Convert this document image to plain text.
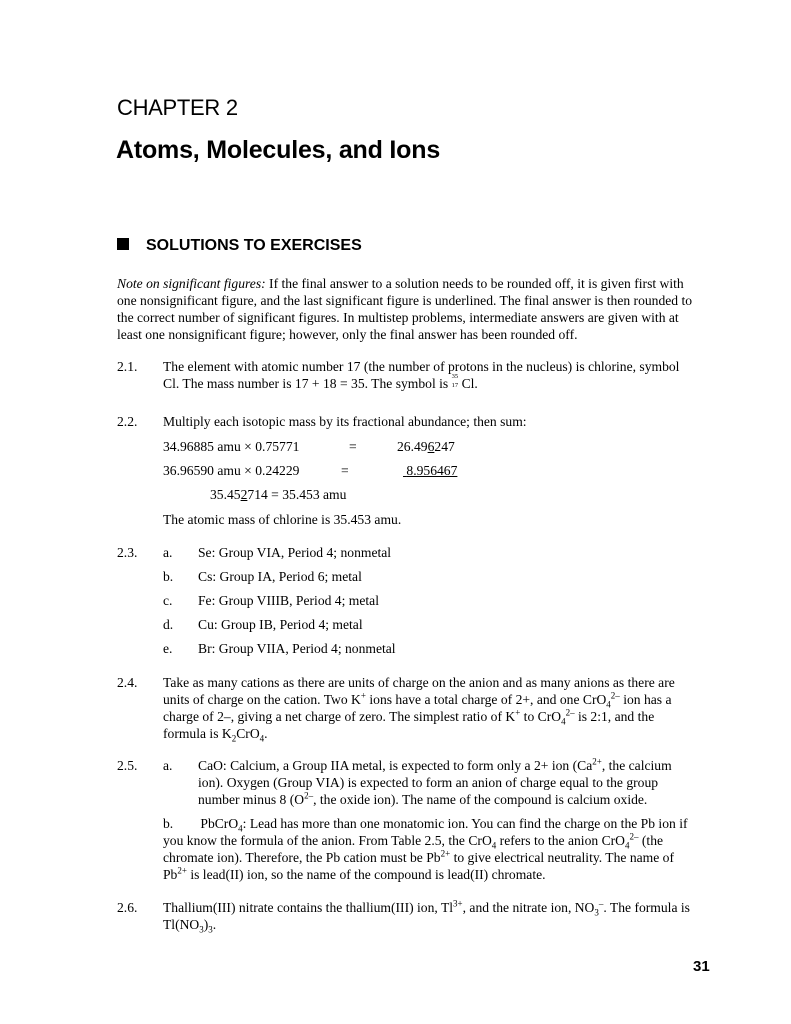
CHAPTER 2
Atoms, Molecules, and Ions
SOLUTIONS TO EXERCISES
Note on significant figures: If the final answer to a solution needs to be rounded off, it is given first with
one nonsignificant figure, and the last significant figure is underlined. The final answer is then rounded to
the correct number of significant figures. In multistep problems, intermediate answers are given with at
least one nonsignificant figure; however, only the final answer has been rounded off.
2.1. The element with atomic number 17 (the number of protons in the nucleus) is chlorine, symbol
Cl. The mass number is 17 + 18 = 35. The symbol is 35
17 Cl.
2.2. Multiply each isotopic mass by its fractional abundance; then sum:
34.96885 amu × 0.75771	=	26.496247
36.96590 amu × 0.24229	=	8.956467
35.452714 = 35.453 amu
The atomic mass of chlorine is 35.453 amu.
2.3. a. Se: Group VIA, Period 4; nonmetal
b. Cs: Group IA, Period 6; metal
c. Fe: Group VIIIB, Period 4; metal
d. Cu: Group IB, Period 4; metal
e. Br: Group VIIA, Period 4; nonmetal
2.4. Take as many cations as there are units of charge on the anion and as many anions as there are
units of charge on the cation. Two K+ ions have a total charge of 2+, and one CrO$_4^{2-}$ ion has a
charge of 2–, giving a net charge of zero. The simplest ratio of K+ to CrO$_4^{2-}$ is 2:1, and the
formula is $K_2CrO_4$.
2.5. a. CaO: Calcium, a Group IIA metal, is expected to form only a 2+ ion ($Ca^{2+}$, the calcium
ion). Oxygen (Group VIA) is expected to form an anion of charge equal to the group
number minus 8 ($O^{2-}$, the oxide ion). The name of the compound is calcium oxide.
b.        PbCrO$_4$: Lead has more than one monatomic ion. You can find the charge on the Pb ion if
you know the formula of the anion. From Table 2.5, the CrO$_4$ refers to the anion CrO$_4^{2-}$ (the
chromate ion). Therefore, the Pb cation must be $Pb^{2+}$ to give electrical neutrality. The name of
$Pb^{2+}$ is lead(II) ion, so the name of the compound is lead(II) chromate.
2.6. Thallium(III) nitrate contains the thallium(III) ion, $Tl^{3+}$, and the nitrate ion, $NO_3^-$. The formula is
$Tl(NO_3)_3$.
31
